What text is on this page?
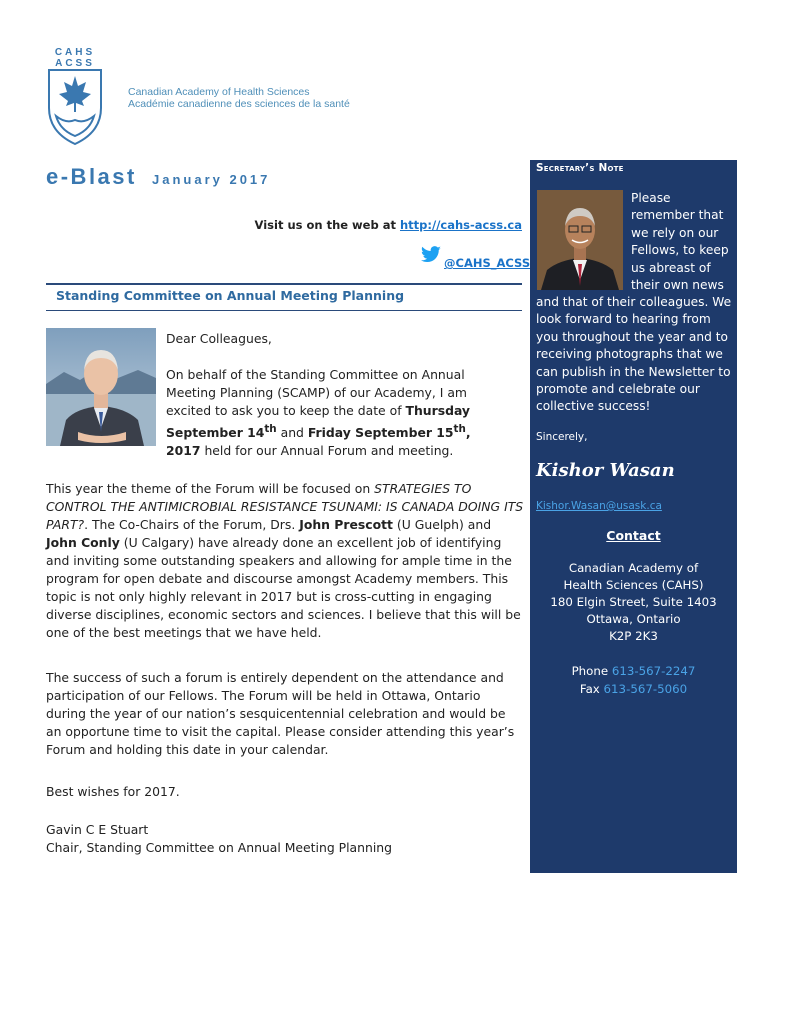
CAHS
ACSS
Canadian Academy of Health Sciences
Académie canadienne des sciences de la santé
e-Blast January 2017
Visit us on the web at http://cahs-acss.ca
@CAHS_ACSS
Standing Committee on Annual Meeting Planning
Dear Colleagues,
On behalf of the Standing Committee on Annual Meeting Planning (SCAMP) of our Academy, I am excited to ask you to keep the date of Thursday September 14th and Friday September 15th, 2017 held for our Annual Forum and meeting.
This year the theme of the Forum will be focused on STRATEGIES TO CONTROL THE ANTIMICROBIAL RESISTANCE TSUNAMI: IS CANADA DOING ITS PART?. The Co-Chairs of the Forum, Drs. John Prescott (U Guelph) and John Conly (U Calgary) have already done an excellent job of identifying and inviting some outstanding speakers and allowing for ample time in the program for open debate and discourse amongst Academy members. This topic is not only highly relevant in 2017 but is cross-cutting in engaging diverse disciplines, economic sectors and sciences. I believe that this will be one of the best meetings that we have held.
The success of such a forum is entirely dependent on the attendance and participation of our Fellows. The Forum will be held in Ottawa, Ontario during the year of our nation’s sesquicentennial celebration and would be an opportune time to visit the capital. Please consider attending this year’s Forum and holding this date in your calendar.
Best wishes for 2017.
Gavin C E Stuart
Chair, Standing Committee on Annual Meeting Planning
Secretary’s Note
Please remember that we rely on our Fellows, to keep us abreast of their own news
and that of their colleagues. We look forward to hearing from you throughout the year and to receiving photographs that we can publish in the Newsletter to promote and celebrate our collective success!
Sincerely,
Kishor Wasan
Kishor.Wasan@usask.ca
Contact
Canadian Academy of
Health Sciences (CAHS)
180 Elgin Street, Suite 1403
Ottawa, Ontario
K2P 2K3
Phone 613-567-2247
Fax 613-567-5060
